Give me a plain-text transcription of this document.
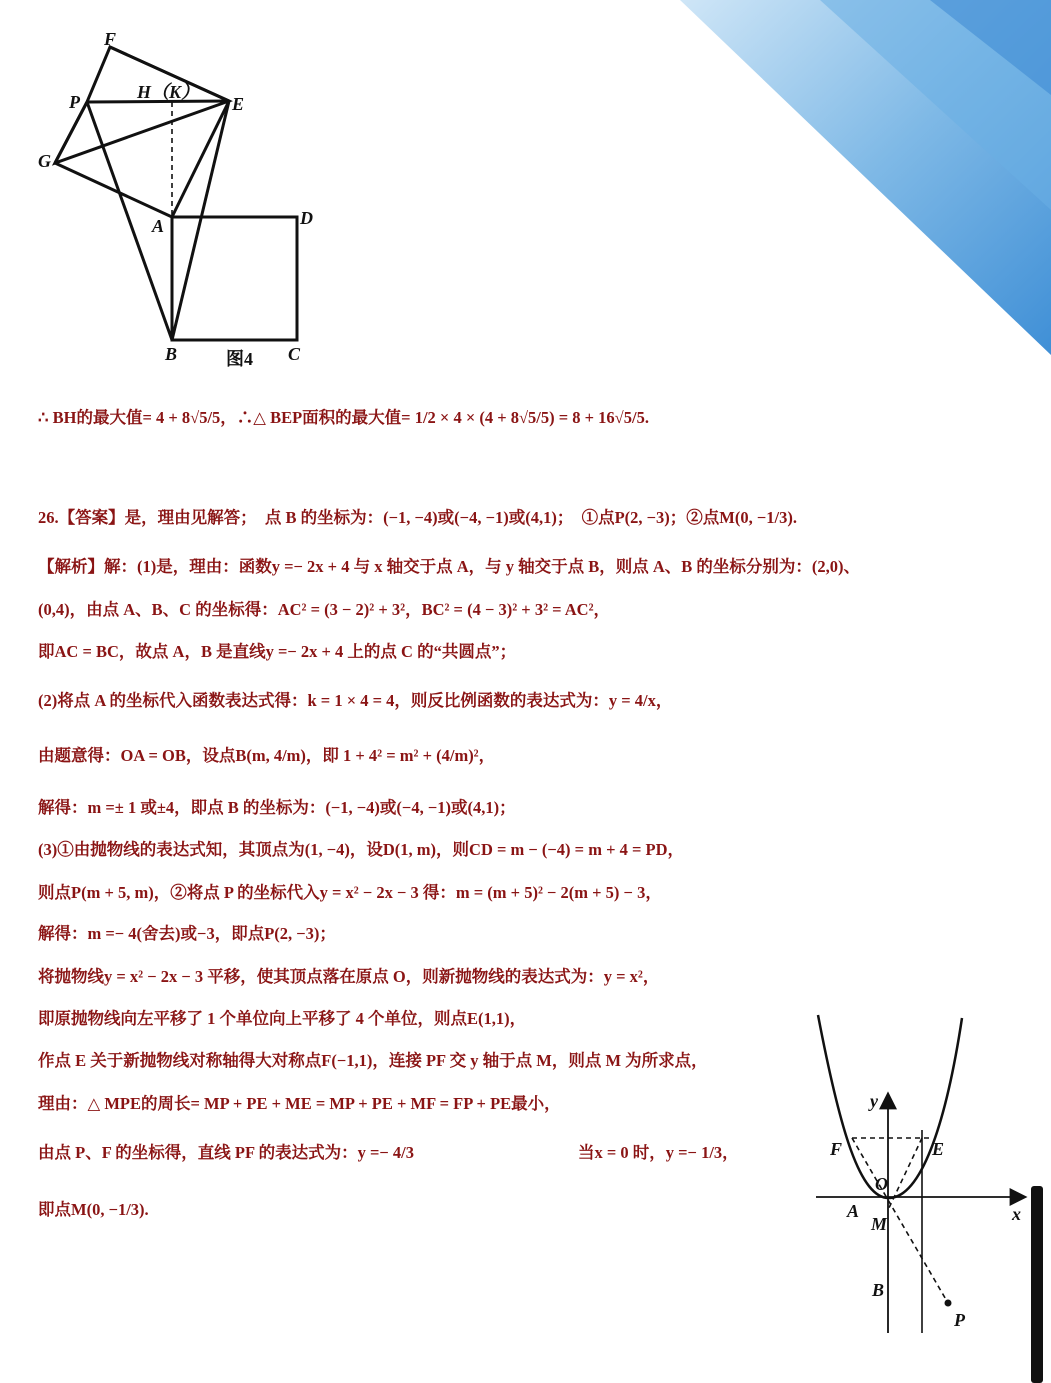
F
P	H（K）
E
G
A	D
B	图4 C
∴ BH的最大值= 4 + 8√5/5，∴△ BEP面积的最大值= 1/2 × 4 × (4 + 8√5/5) = 8 + 16√5/5.
26.【答案】是，理由见解答；　点 B 的坐标为：(−1, −4)或(−4, −1)或(4,1)；　①点P(2, −3)；②点M(0, −1/3).
【解析】解：(1)是，理由：函数y =− 2x + 4 与 x 轴交于点 A，与 y 轴交于点 B，则点 A、B 的坐标分别为：(2,0)、
(0,4)，由点 A、B、C 的坐标得：AC² = (3 − 2)² + 3²，BC² = (4 − 3)² + 3² = AC²，
即AC = BC，故点 A，B 是直线y =− 2x + 4 上的点 C 的“共圆点”；
(2)将点 A 的坐标代入函数表达式得：k = 1 × 4 = 4，则反比例函数的表达式为：y = 4/x，
由题意得：OA = OB，设点B(m, 4/m)，即 1 + 4² = m² + (4/m)²，
解得：m =± 1 或±4，即点 B 的坐标为：(−1, −4)或(−4, −1)或(4,1)；
(3)①由抛物线的表达式知，其顶点为(1, −4)，设D(1, m)，则CD = m − (−4) = m + 4 = PD，
则点P(m + 5, m)，②将点 P 的坐标代入y = x² − 2x − 3 得：m = (m + 5)² − 2(m + 5) − 3，
解得：m =− 4(舍去)或−3，即点P(2, −3)；
将抛物线y = x² − 2x − 3 平移，使其顶点落在原点 O，则新抛物线的表达式为：y = x²，
即原抛物线向左平移了 1 个单位向上平移了 4 个单位，则点E(1,1)，
作点 E 关于新抛物线对称轴得大对称点F(−1,1)，连接 PF 交 y 轴于点 M，则点 M 为所求点，
理由：△ MPE的周长= MP + PE + ME = MP + PE + MF = FP + PE最小，
由点 P、F 的坐标得，直线 PF 的表达式为：y =− 4/3	当x = 0 时，y =− 1/3，
即点M(0, −1/3).
y
F	E
O
A
M	x
B
P
